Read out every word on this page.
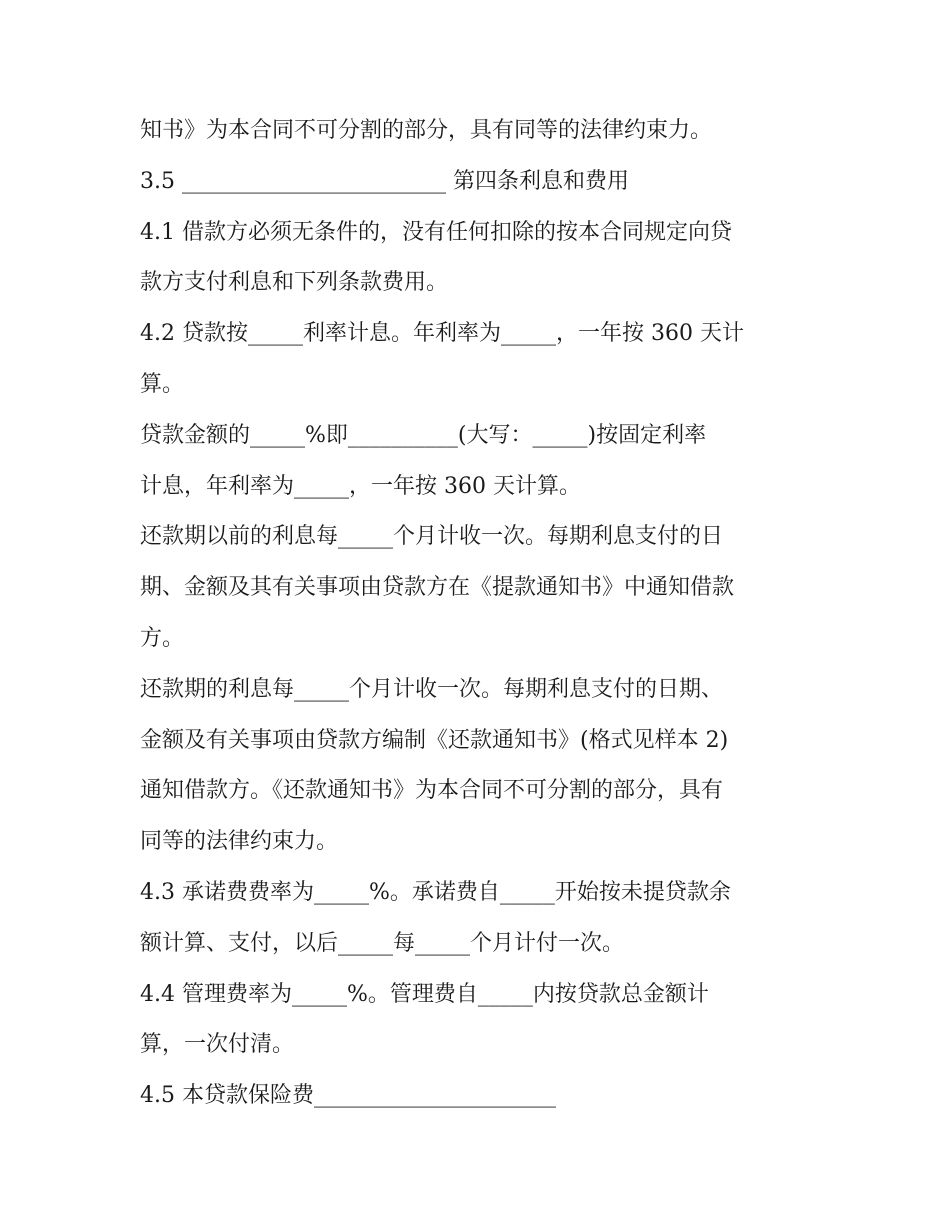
知书》为本合同不可分割的部分，具有同等的法律约束力。
3.5 ________________________ 第四条利息和费用
4.1 借款方必须无条件的，没有任何扣除的按本合同规定向贷
款方支付利息和下列条款费用。
4.2 贷款按_____利率计息。年利率为_____，一年按 360 天计
算。
贷款金额的_____%即__________(大写：_____)按固定利率
计息，年利率为_____，一年按 360 天计算。
还款期以前的利息每_____个月计收一次。每期利息支付的日
期、金额及其有关事项由贷款方在《提款通知书》中通知借款
方。
还款期的利息每_____个月计收一次。每期利息支付的日期、
金额及有关事项由贷款方编制《还款通知书》(格式见样本 2)
通知借款方。《还款通知书》为本合同不可分割的部分，具有
同等的法律约束力。
4.3 承诺费费率为_____%。承诺费自_____开始按未提贷款余
额计算、支付，以后_____每_____个月计付一次。
4.4 管理费率为_____%。管理费自_____内按贷款总金额计
算，一次付清。
4.5 本贷款保险费______________________
